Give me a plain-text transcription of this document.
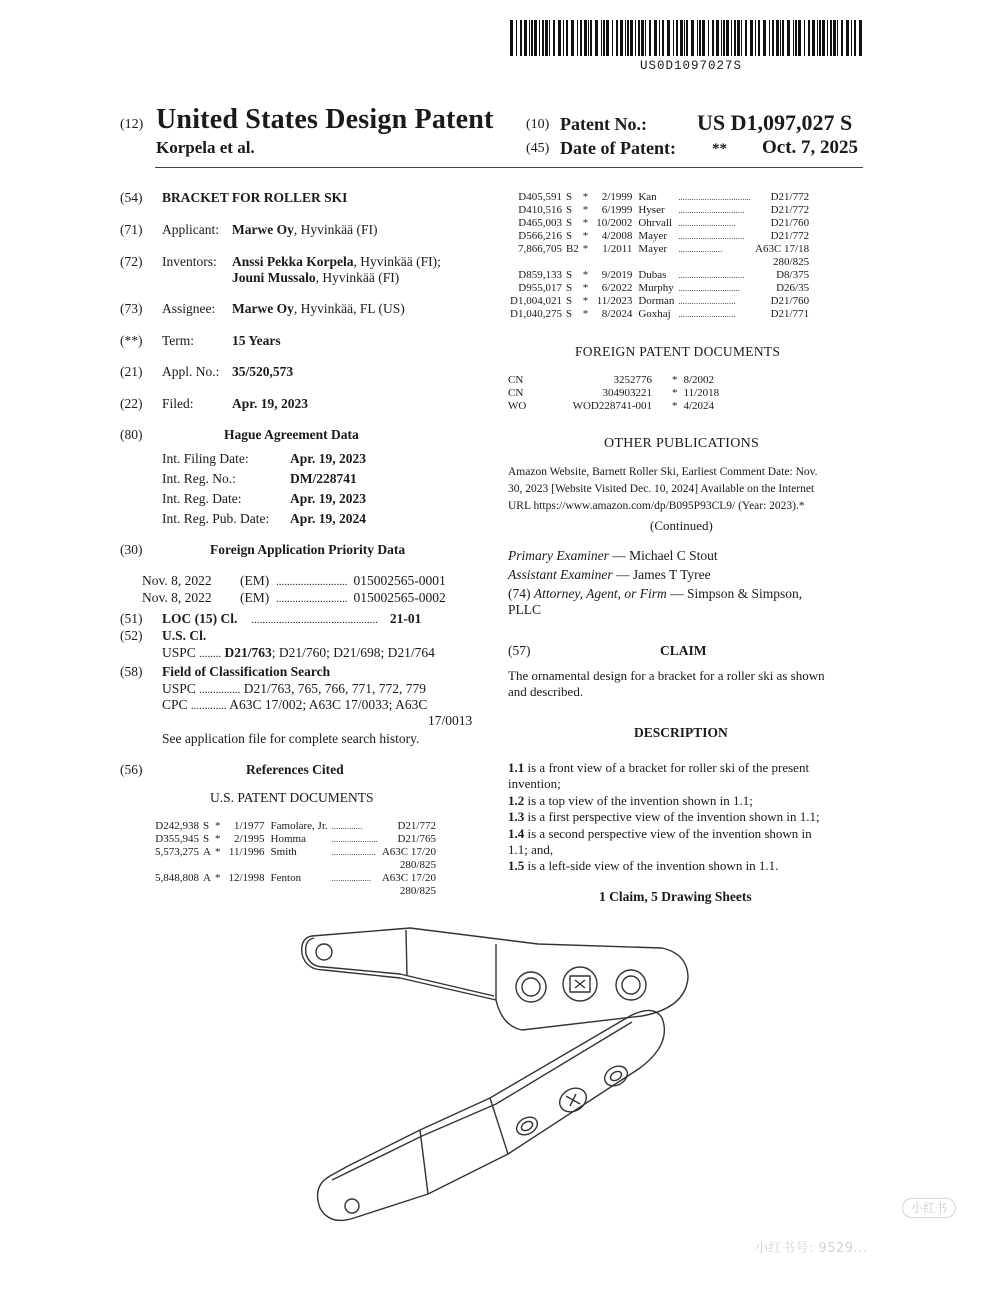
US0D1097027S
(12) United States Design Patent
Korpela et al.
(10) Patent No.: US D1,097,027 S
(45) Date of Patent: ** Oct. 7, 2025
(54) BRACKET FOR ROLLER SKI
(71) Applicant: Marwe Oy, Hyvinkää (FI)
(72) Inventors: Anssi Pekka Korpela, Hyvinkää (FI);
Jouni Mussalo, Hyvinkää (FI)
(73) Assignee: Marwe Oy, Hyvinkää, FL (US)
(**) Term:	15 Years
(21) Appl. No.: 35/520,573
(22) Filed:	Apr. 19, 2023
(80)	Hague Agreement Data
Int. Filing Date:	Apr. 19, 2023
Int. Reg. No.:	DM/228741
Int. Reg. Date:	Apr. 19, 2023
Int. Reg. Pub. Date: Apr. 19, 2024
(30)	Foreign Application Priority Data
Nov. 8, 2022 (EM) .......................... 015002565-0001
Nov. 8, 2022 (EM) .......................... 015002565-0002
(51) LOC (15) Cl. .............................................. 21-01
(52) U.S. Cl.
USPC ........ D21/763; D21/760; D21/698; D21/764
(58) Field of Classification Search
USPC ............... D21/763, 765, 766, 771, 772, 779
CPC ............. A63C 17/002; A63C 17/0033; A63C
17/0013
See application file for complete search history.
(56)	References Cited
U.S. PATENT DOCUMENTS
D242,938	S	*	1/1977	Famolare, Jr.	..............	D21/772
D355,945	S	*	2/1995	Homma	.....................	D21/765
5,573,275	A	*	11/1996	Smith	....................	A63C 17/20
						280/825
5,848,808	A	*	12/1998	Fenton	..................	A63C 17/20
						280/825
D405,591	S	*	2/1999	Kan	.................................	D21/772
D410,516	S	*	6/1999	Hyser	..............................	D21/772
D465,003	S	*	10/2002	Ohrvall	..........................	D21/760
D566,216	S	*	4/2008	Mayer	..............................	D21/772
7,866,705	B2	*	1/2011	Mayer	....................	A63C 17/18
						280/825
D859,133	S	*	9/2019	Dubas	..............................	D8/375
D955,017	S	*	6/2022	Murphy	............................	D26/35
D1,004,021	S	*	11/2023	Dorman	..........................	D21/760
D1,040,275	S	*	8/2024	Goxhaj	..........................	D21/771
FOREIGN PATENT DOCUMENTS
CN	3252776	*	8/2002
CN	304903221	*	11/2018
WO	WOD228741-001	*	4/2024
OTHER PUBLICATIONS
Amazon Website, Barnett Roller Ski, Earliest Comment Date: Nov.
30, 2023 [Website Visited Dec. 10, 2024] Available on the Internet
URL https://www.amazon.com/dp/B095P93CL9/ (Year: 2023).*
(Continued)
Primary Examiner — Michael C Stout
Assistant Examiner — James T Tyree
(74) Attorney, Agent, or Firm — Simpson & Simpson,
PLLC
(57)	CLAIM
The ornamental design for a bracket for a roller ski as shown
and described.
DESCRIPTION
1.1 is a front view of a bracket for roller ski of the present
invention;
1.2 is a top view of the invention shown in 1.1;
1.3 is a first perspective view of the invention shown in 1.1;
1.4 is a second perspective view of the invention shown in
1.1; and,
1.5 is a left-side view of the invention shown in 1.1.
1 Claim, 5 Drawing Sheets
小红书
小红书号: 9529...
